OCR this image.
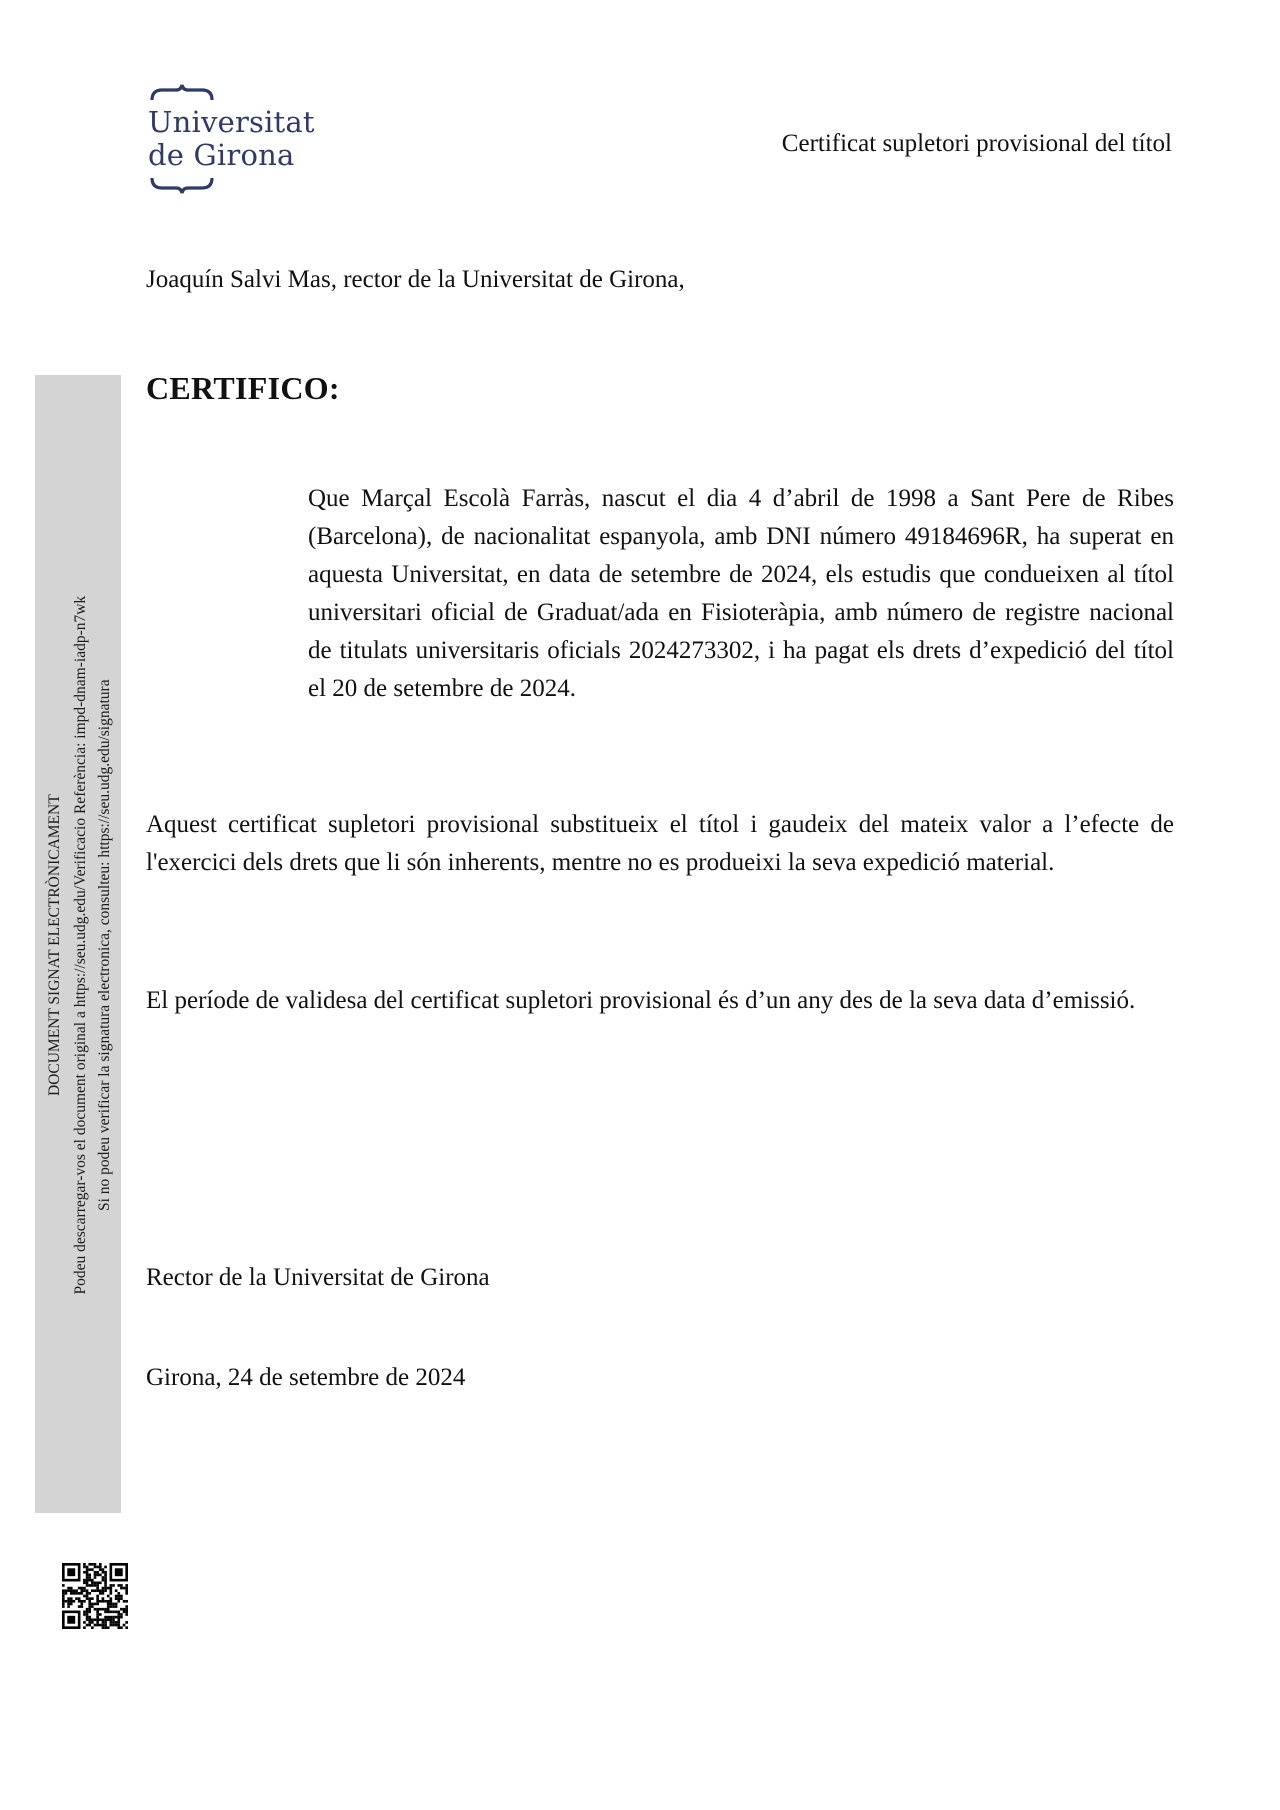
Universitat
de Girona	Certificat supletori provisional del títol
Joaquín Salvi Mas, rector de la Universitat de Girona,
CERTIFICO:
Que Marçal Escolà Farràs, nascut el dia 4 d’abril de 1998 a Sant Pere de Ribes (Barcelona), de nacionalitat espanyola, amb DNI número 49184696R, ha superat en aquesta Universitat, en data de setembre de 2024, els estudis que condueixen al títol universitari oficial de Graduat/ada en Fisioteràpia, amb número de registre nacional de titulats universitaris oficials 2024273302, i ha pagat els drets d’expedició del títol el 20 de setembre de 2024.
Aquest certificat supletori provisional substitueix el títol i gaudeix del mateix valor a l’efecte de l'exercici dels drets que li són inherents, mentre no es produeixi la seva expedició material.
El període de validesa del certificat supletori provisional és d’un any des de la seva data d’emissió.
Rector de la Universitat de Girona
Girona, 24 de setembre de 2024
DOCUMENT SIGNAT ELECTRÒNICAMENT Podeu descarregar-vos el document original a https://seu.udg.edu/Verificacio Referència: impd-dnam-iadp-n7wk Si no podeu verificar la signatura electronica, consulteu: https://seu.udg.edu/signatura
